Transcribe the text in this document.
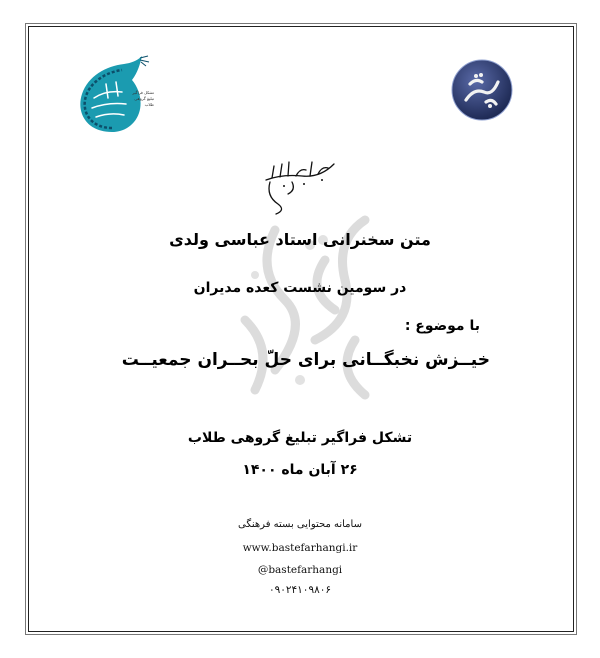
تشکل فراگیر تبلیغ گروهی طلاب
متن سخنرانی استاد عباسی ولدی
در سومین نشست کعده مدیران
با موضوع :
خیــزش نخبگــانی برای حلّ بحــران جمعیــت
تشکل فراگیر تبلیغ گروهی طلاب
۲۶ آبان ماه ۱۴۰۰
سامانه محتوایی بسته فرهنگی
www.bastefarhangi.ir
@bastefarhangi
۰۹۰۲۴۱۰۹۸۰۶
